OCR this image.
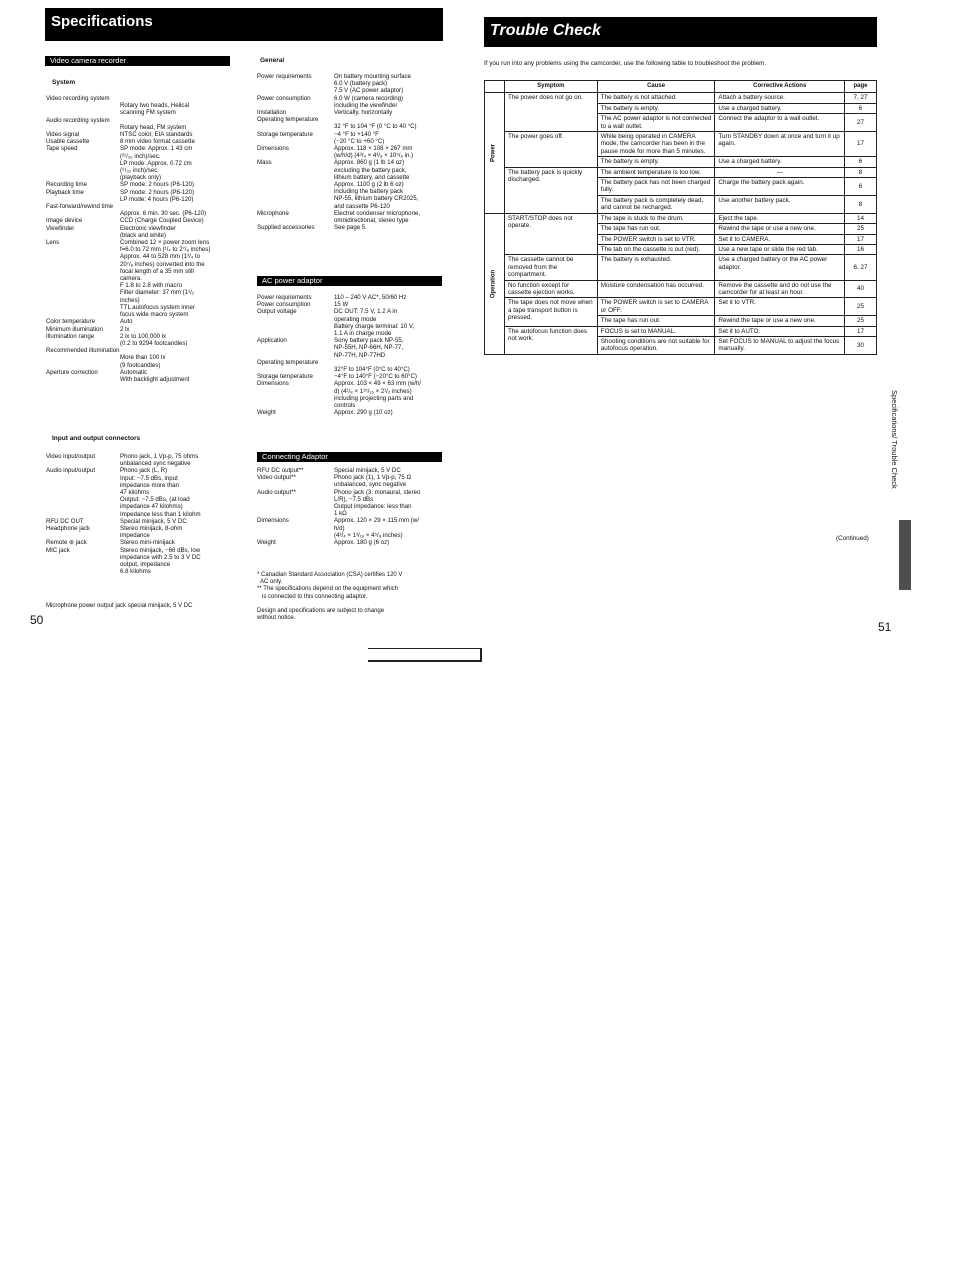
Specifications
Video camera recorder
System
Video recording system

Rotary two heads, Helical
scanning FM system
Audio recording system

Rotary head, FM system
Video signal	NTSC color, EIA standards
Usable cassette	8 mm video format cassette
Tape speed	SP mode: Approx. 1 43 cm
(²¹/₃₂ inch)/sec.
LP mode: Approx. 0.72 cm
(⁹/₃₂ inch)/sec.
(playback only)
Recording time	SP mode: 2 hours (P6-120)
Playback time	SP mode: 2 hours (P6-120)
LP mode: 4 hours (P6-120)
Fast-forward/rewind time

Approx. 6 min. 30 sec. (P6-120)
Image device	CCD (Charge Coupled Device)
Viewfinder	Electronic viewfinder
(black and white)
Lens	Combined 12 × power zoom lens
f=6.0 to 72 mm (¹/₄ to 2⁷/₈ inches)
Approx. 44 to 528 mm (1³/₄ to
20⁷/₈ inches) converted into the
focal length of a 35 mm still
camera.
F 1.8 to 2.8 with macro
Filter diameter: 37 mm (1¹/₂
inches)
TTL autofocus system inner
focus wide macro system
Color temperature	Auto
Minimum illumination	2 lx
Illumination range	2 lx to 100,000 lx
(0.2 to 9294 footcandles)
Recommended illumination

More than 100 lx
(9 footcandles)
Aperture correction	Automatic
With backlight adjustment
Input and output connectors
Video input/output	Phono jack, 1 Vp-p, 75 ohms
unbalanced sync negative
Audio input/output	Phono jack (L, R)
Input: −7.5 dBs, input
impedance more than
47 kilohms
Output: −7.5 dBs, (at load
impedance 47 kilohms)
Impedance less than 1 kilohm
RFU DC OUT	Special minijack, 5 V DC
Headphone jack	Stereo minijack, 8-ohm
impedance
Remote ⊛ jack	Stereo mini-minijack
MIC jack	Stereo minijack, −66 dBs, low
impedance with 2.5 to 3 V DC
output, impedance
6.8 kilohms
Microphone power output jack special minijack, 5 V DC
General
Power requirements	On battery mounting surface
6.0 V (battery pack)
7.5 V (AC power adaptor)
Power consumption	6.0 W (camera recording)
including the viewfinder
Installation	Vertically, horizontally
Operating temperature

32 °F to 104 °F (0 °C to 40 °C)
Storage temperature	−4 °F to +140 °F
(−20 °C to +60 °C)
Dimensions	Approx. 118 × 108 × 267 mm
(w/h/d) (4³/₄ × 4³/₈ × 10⁵/₈ in.)
Mass	Approx. 860 g (1 lb 14 oz)
excluding the battery pack,
lithium battery, and cassette
Approx. 1100 g (2 lb 6 oz)
including the battery pack
NP-55, lithium battery CR2025,
and cassette P6-120
Microphone	Electret condenser microphone,
omnidirectional, stereo type
Supplied accessories	See page 5.
AC power adaptor
Power requirements	110 – 240 V AC*, 50/60 Hz
Power consumption	15 W
Output voltage	DC OUT: 7.5 V, 1.2 A in
operating mode
Battery charge terminal: 10 V,
1.1 A in charge mode
Application	Sony battery pack NP-55,
NP-55H, NP-66H, NP-77,
NP-77H, NP-77HD
Operating temperature

32°F to 104°F (0°C to 40°C)
Storage temperature	−4°F to 140°F (−20°C to 60°C)
Dimensions	Approx. 103 × 49 × 63 mm (w/h/
d) (4¹/₈ × 1¹⁵/₁₆ × 2¹/₂ inches)
including projecting parts and
controls
Weight	Approx. 290 g (10 oz)
Connecting Adaptor
RFU DC output**	Special minijack, 5 V DC
Video output**	Phono jack (1), 1 Vp-p, 75 Ω
unbalanced, sync negative
Audio output**	Phono jack (3: monaural, stereo
L/R), −7.5 dBs
Output impedance: less than
1 kΩ
Dimensions	Approx. 120 × 29 × 115 mm (w/
h/d)
(4³/₄ × 1³/₁₆ × 4⁵/₈ inches)
Weight	Approx. 180 g (6 oz)
* Canadian Standard Association (CSA) certifies 120 V
AC only.
** The specifications depend on the equipment which
is connected to this connecting adaptor.

Design and specifications are subject to change
without notice.
50
Trouble Check
If you run into any problems using the camcorder, use the following table to troubleshoot the problem.
	Symptom	Cause	Corrective Actions	page

Power	The power does not go on.	The battery is not attached.	Attach a battery source.	7, 27
		The battery is empty.	Use a charged battery.	6
		The AC power adaptor is not connected to a wall outlet.	Connect the adaptor to a wall outlet.	27
	The power goes off.	While being operated in CAMERA mode, the camcorder has been in the pause mode for more than 5 minutes.	Turn STANDBY down at once and turn it up again.	17
		The battery is empty.	Use a charged battery.	6
	The battery pack is quickly discharged.	The ambient temperature is too low.	—	8
		The battery pack has not been charged fully.	Charge the battery pack again.	6
		The battery pack is completely dead, and cannot be recharged.	Use another battery pack.	8

Operation	START/STOP does not operate.	The tape is stuck to the drum.	Eject the tape.	14
		The tape has run out.	Rewind the tape or use a new one.	25
		The POWER switch is set to VTR.	Set it to CAMERA.	17
		The tab on the cassette is out (red).	Use a new tape or slide the red tab.	16
	The cassette cannot be removed from the compartment.	The battery is exhausted.	Use a charged battery or the AC power adaptor.	6, 27
	No function except for cassette ejection works.	Moisture condensation has occurred.	Remove the cassette and do not use the camcorder for at least an hour.	40
	The tape does not move when a tape transport button is pressed.	The POWER switch is set to CAMERA or OFF.	Set it to VTR.	25
		The tape has run out.	Rewind the tape or use a new one.	25
	The autofocus function does not work.	FOCUS is set to MANUAL.	Set it to AUTO.	17
		Shooting conditions are not suitable for autofocus operation.	Set FOCUS to MANUAL to adjust the focus manually.	30
(Continued)
51
Specifications/ Trouble Check
